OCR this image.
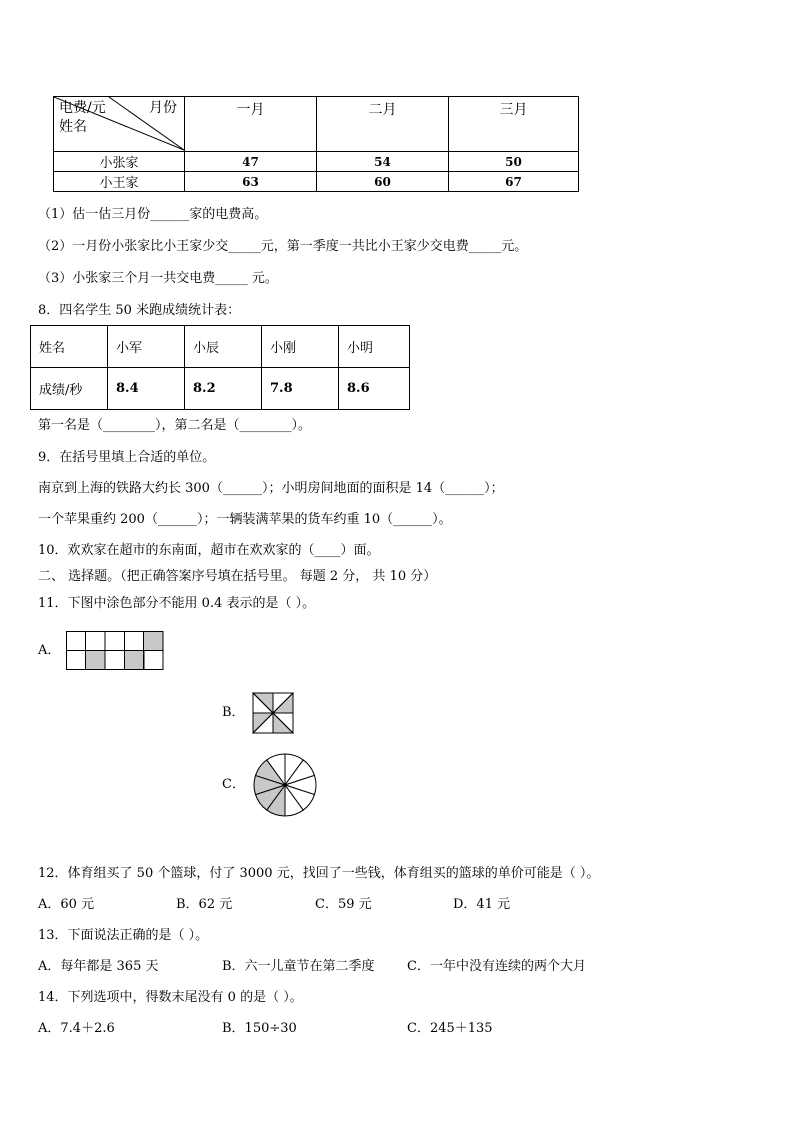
电费/元 月份
姓名	一月	二月	三月
小张家	47	54	50
小王家	63	60	67
（1）估一估三月份______家的电费高。
（2）一月份小张家比小王家少交_____元，第一季度一共比小王家少交电费_____元。
（3）小张家三个月一共交电费_____ 元。
8．四名学生 50 米跑成绩统计表：
姓名	小军	小辰	小刚	小明
成绩/秒	8.4	8.2	7.8	8.6
第一名是（________），第二名是（________）。
9．在括号里填上合适的单位。
南京到上海的铁路大约长 300（______）；小明房间地面的面积是 14（______）；
一个苹果重约 200（______）；一辆装满苹果的货车约重 10（______）。
10．欢欢家在超市的东南面，超市在欢欢家的（____）面。
二、 选择题。（把正确答案序号填在括号里。 每题 2 分， 共 10 分）
11．下图中涂色部分不能用 0.4 表示的是（ ）。
A．
B．
C．
12．体育组买了 50 个篮球，付了 3000 元，找回了一些钱，体育组买的篮球的单价可能是（ ）。
A．60 元	B．62 元	C．59 元	D．41 元
13．下面说法正确的是（ ）。
A．每年都是 365 天	B．六一儿童节在第二季度 C．一年中没有连续的两个大月
14．下列选项中，得数末尾没有 0 的是（ ）。
A．7.4＋2.6	B．150÷30	C．245＋135
